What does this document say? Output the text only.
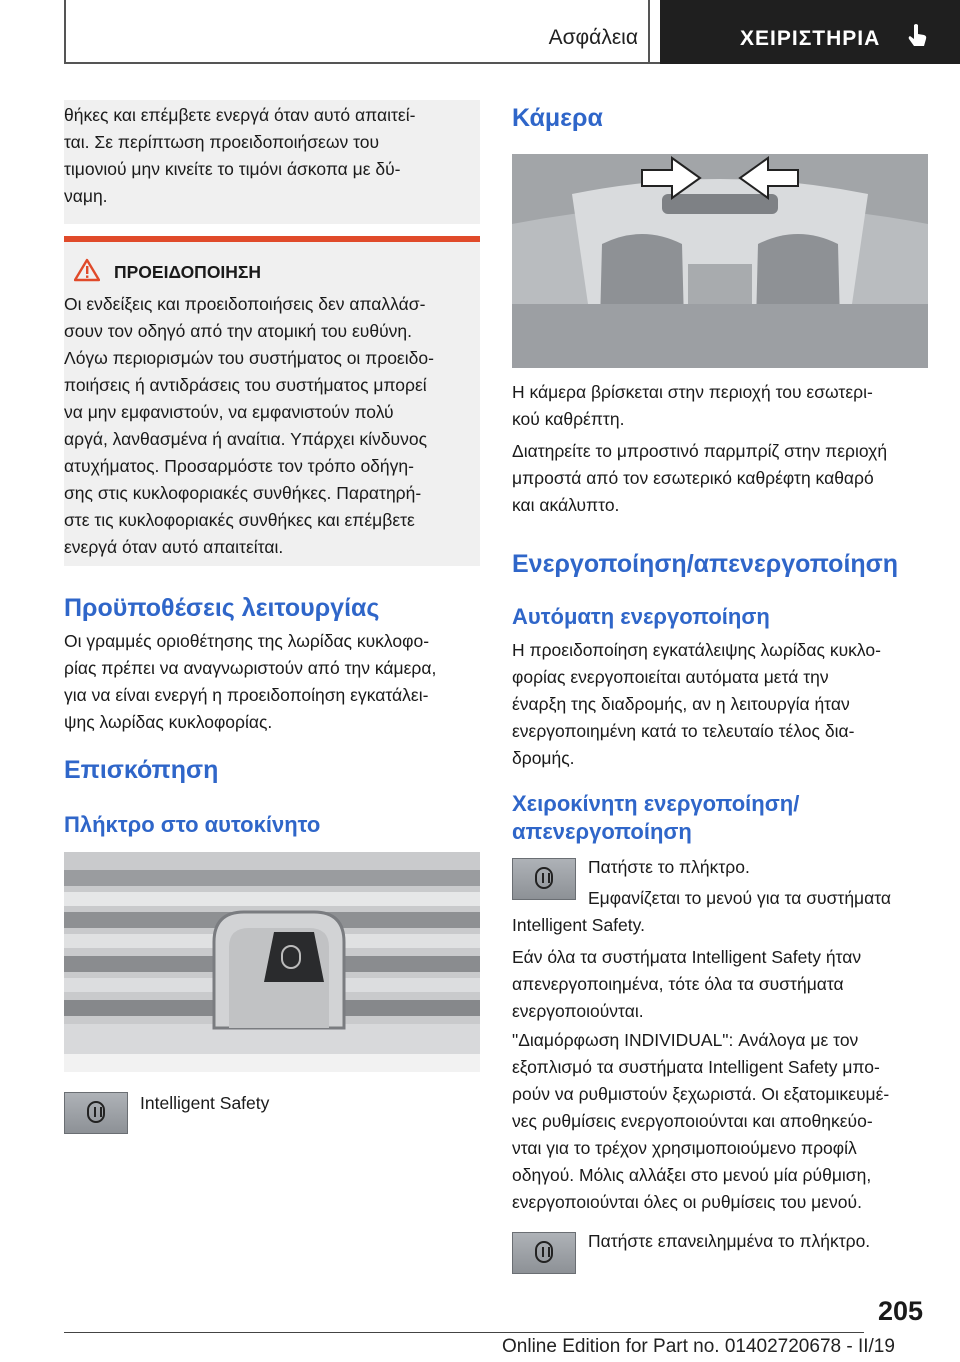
Ασφάλεια	ΧΕΙΡΙΣΤΗΡΙΑ
θήκες και επέμβετε ενεργά όταν αυτό απαιτεί-
ται. Σε περίπτωση προειδοποιήσεων του
τιμονιού μην κινείτε το τιμόνι άσκοπα με δύ-
ναμη.
ΠΡΟΕΙΔΟΠΟΙΗΣΗ
Οι ενδείξεις και προειδοποιήσεις δεν απαλλάσ-
σουν τον οδηγό από την ατομική του ευθύνη.
Λόγω περιορισμών του συστήματος οι προειδο-
ποιήσεις ή αντιδράσεις του συστήματος μπορεί
να μην εμφανιστούν, να εμφανιστούν πολύ
αργά, λανθασμένα ή αναίτια. Υπάρχει κίνδυνος
ατυχήματος. Προσαρμόστε τον τρόπο οδήγη-
σης στις κυκλοφοριακές συνθήκες. Παρατηρή-
στε τις κυκλοφοριακές συνθήκες και επέμβετε
ενεργά όταν αυτό απαιτείται.
Προϋποθέσεις λειτουργίας
Οι γραμμές οριοθέτησης της λωρίδας κυκλοφο-
ρίας πρέπει να αναγνωριστούν από την κάμερα,
για να είναι ενεργή η προειδοποίηση εγκατάλει-
ψης λωρίδας κυκλοφορίας.
Επισκόπηση
Πλήκτρο στο αυτοκίνητο
Intelligent Safety
Κάμερα
Η κάμερα βρίσκεται στην περιοχή του εσωτερι-
κού καθρέπτη.
Διατηρείτε το μπροστινό παρμπρίζ στην περιοχή
μπροστά από τον εσωτερικό καθρέφτη καθαρό
και ακάλυπτο.
Ενεργοποίηση/απενεργοποίηση
Αυτόματη ενεργοποίηση
Η προειδοποίηση εγκατάλειψης λωρίδας κυκλο-
φορίας ενεργοποιείται αυτόματα μετά την
έναρξη της διαδρομής, αν η λειτουργία ήταν
ενεργοποιημένη κατά το τελευταίο τέλος δια-
δρομής.
Χειροκίνητη ενεργοποίηση/
απενεργοποίηση
Πατήστε το πλήκτρο.
Εμφανίζεται το μενού για τα συστήματα
Intelligent Safety.
Εάν όλα τα συστήματα Intelligent Safety ήταν
απενεργοποιημένα, τότε όλα τα συστήματα
ενεργοποιούνται.
"Διαμόρφωση INDIVIDUAL": Ανάλογα με τον
εξοπλισμό τα συστήματα Intelligent Safety μπο-
ρούν να ρυθμιστούν ξεχωριστά. Οι εξατομικευμέ-
νες ρυθμίσεις ενεργοποιούνται και αποθηκεύο-
νται για το τρέχον χρησιμοποιούμενο προφίλ
οδηγού. Μόλις αλλάξει στο μενού μία ρύθμιση,
ενεργοποιούνται όλες οι ρυθμίσεις του μενού.
Πατήστε επανειλημμένα το πλήκτρο.
205
Online Edition for Part no. 01402720678 - II/19
